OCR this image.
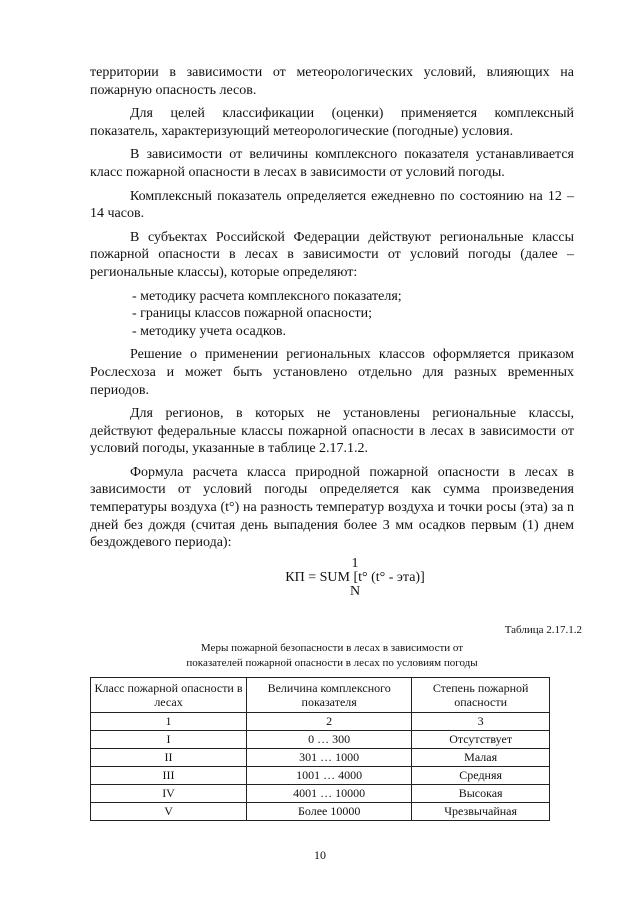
территории в зависимости от метеорологических условий, влияющих на пожарную опасность лесов.

Для целей классификации (оценки) применяется комплексный показатель, характеризующий метеорологические (погодные) условия.

В зависимости от величины комплексного показателя устанавливается класс пожарной опасности в лесах в зависимости от условий погоды.

Комплексный показатель определяется ежедневно по состоянию на 12 – 14 часов.

В субъектах Российской Федерации действуют региональные классы пожарной опасности в лесах в зависимости от условий погоды (далее – региональные классы), которые определяют:

- методику расчета комплексного показателя;
- границы классов пожарной опасности;
- методику учета осадков.

Решение о применении региональных классов оформляется приказом Рослесхоза и может быть установлено отдельно для разных временных периодов.

Для регионов, в которых не установлены региональные классы, действуют федеральные классы пожарной опасности в лесах в зависимости от условий погоды, указанные в таблице 2.17.1.2.

Формула расчета класса природной пожарной опасности в лесах в зависимости от условий погоды определяется как сумма произведения температуры воздуха (t°) на разность температур воздуха и точки росы (эта) за n дней без дождя (считая день выпадения более 3 мм осадков первым (1) днем бездождевого периода):

1
КП = SUM [t° (t° - эта)]
N
Таблица 2.17.1.2
Меры пожарной безопасности в лесах в зависимости от
показателей пожарной опасности в лесах по условиям погоды
Класс пожарной опасности в лесах	Величина комплексного показателя	Степень пожарной опасности
1	2	3
I	0 … 300	Отсутствует
II	301 … 1000	Малая
III	1001 … 4000	Средняя
IV	4001 … 10000	Высокая
V	Более 10000	Чрезвычайная
10
